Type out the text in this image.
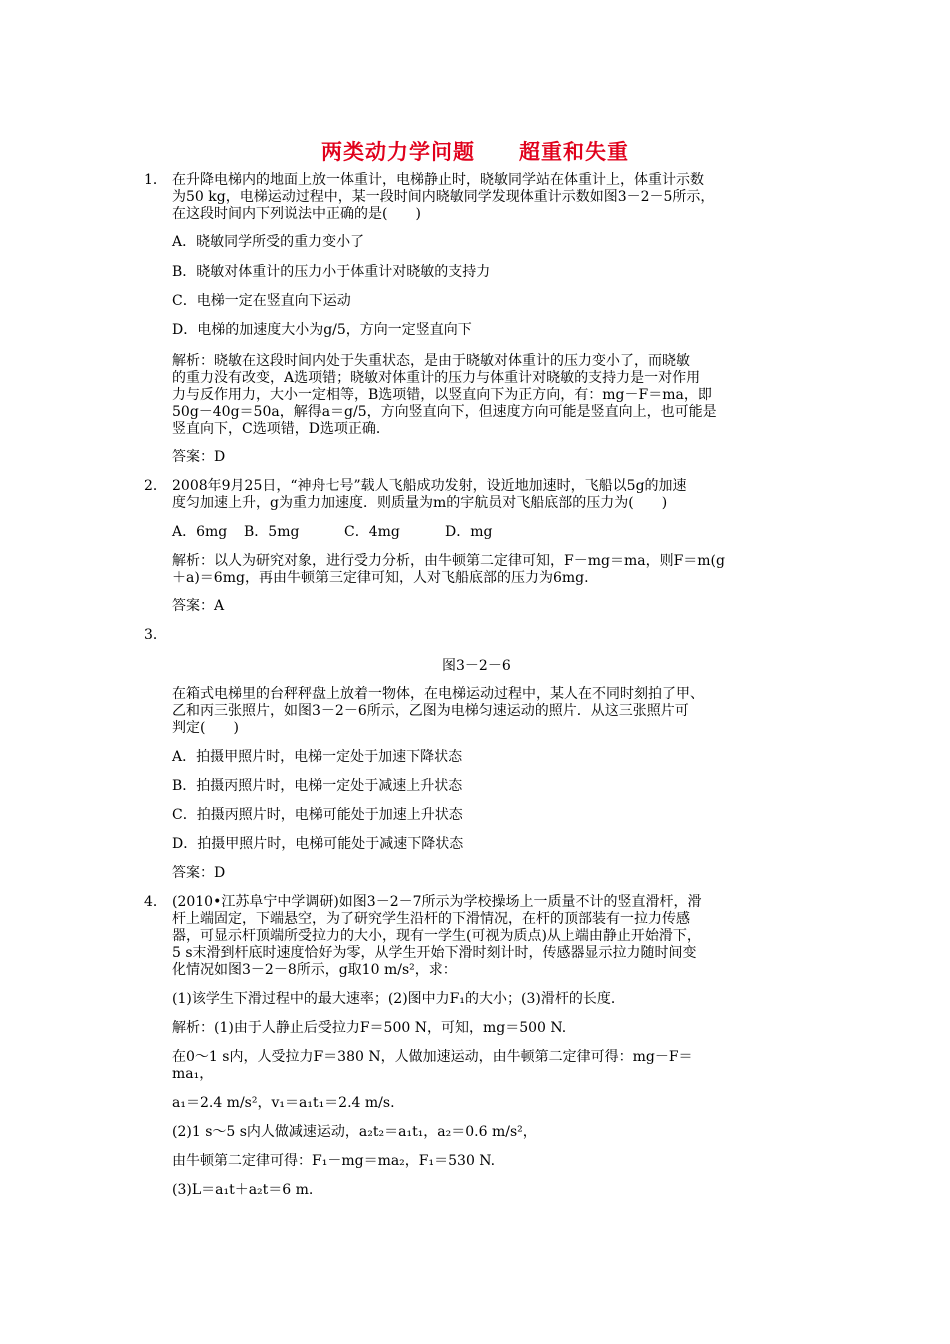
两类动力学问题　　超重和失重
1． 在升降电梯内的地面上放一体重计，电梯静止时，晓敏同学站在体重计上，体重计示数
为50 kg，电梯运动过程中，某一段时间内晓敏同学发现体重计示数如图3－2－5所示，
在这段时间内下列说法中正确的是(　　)
A．晓敏同学所受的重力变小了
B．晓敏对体重计的压力小于体重计对晓敏的支持力
C．电梯一定在竖直向下运动
D．电梯的加速度大小为g/5，方向一定竖直向下
解析：晓敏在这段时间内处于失重状态，是由于晓敏对体重计的压力变小了，而晓敏
的重力没有改变，A选项错；晓敏对体重计的压力与体重计对晓敏的支持力是一对作用
力与反作用力，大小一定相等，B选项错，以竖直向下为正方向，有：mg－F＝ma，即
50g－40g＝50a，解得a＝g/5，方向竖直向下，但速度方向可能是竖直向上，也可能是
竖直向下，C选项错，D选项正确．
答案：D
2． 2008年9月25日，“神舟七号”载人飞船成功发射，设近地加速时，飞船以5g的加速
度匀加速上升，g为重力加速度．则质量为m的宇航员对飞船底部的压力为(　　)
A．6mg B．5mg	C．4mg	D．mg
解析：以人为研究对象，进行受力分析，由牛顿第二定律可知，F－mg＝ma，则F＝m(g
＋a)＝6mg，再由牛顿第三定律可知，人对飞船底部的压力为6mg.
答案：A
3．
图3－2－6
在箱式电梯里的台秤秤盘上放着一物体，在电梯运动过程中，某人在不同时刻拍了甲、
乙和丙三张照片，如图3－2－6所示，乙图为电梯匀速运动的照片．从这三张照片可
判定(　　)
A．拍摄甲照片时，电梯一定处于加速下降状态
B．拍摄丙照片时，电梯一定处于减速上升状态
C．拍摄丙照片时，电梯可能处于加速上升状态
D．拍摄甲照片时，电梯可能处于减速下降状态
答案：D
4． (2010•江苏阜宁中学调研)如图3－2－7所示为学校操场上一质量不计的竖直滑杆，滑
杆上端固定，下端悬空，为了研究学生沿杆的下滑情况，在杆的顶部装有一拉力传感
器，可显示杆顶端所受拉力的大小，现有一学生(可视为质点)从上端由静止开始滑下，
5 s末滑到杆底时速度恰好为零，从学生开始下滑时刻计时，传感器显示拉力随时间变
化情况如图3－2－8所示，g取10 m/s²，求：
(1)该学生下滑过程中的最大速率；(2)图中力F₁的大小；(3)滑杆的长度．
解析：(1)由于人静止后受拉力F＝500 N，可知，mg＝500 N.
在0～1 s内，人受拉力F＝380 N，人做加速运动，由牛顿第二定律可得：mg－F＝
ma₁，
a₁＝2.4 m/s²，v₁＝a₁t₁＝2.4 m/s.
(2)1 s～5 s内人做减速运动，a₂t₂＝a₁t₁，a₂＝0.6 m/s²，
由牛顿第二定律可得：F₁－mg＝ma₂，F₁＝530 N.
(3)L＝a₁t＋a₂t＝6 m.
